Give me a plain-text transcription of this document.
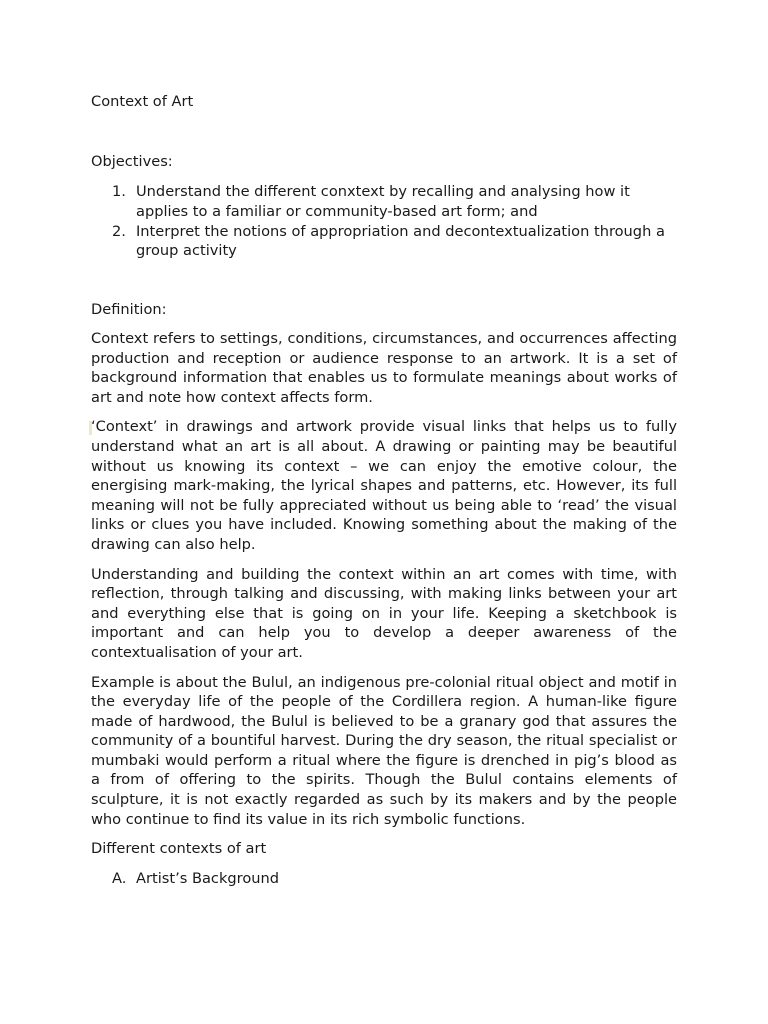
Context of Art
Objectives:
1. Understand the different conxtext by recalling and analysing how it applies to a familiar or community-based art form; and
2. Interpret the notions of appropriation and decontextualization through a group activity
Definition:

Context refers to settings, conditions, circumstances, and occurrences affecting production and reception or audience response to an artwork. It is a set of background information that enables us to formulate meanings about works of art and note how context affects form.

‘Context’ in drawings and artwork provide visual links that helps us to fully understand what an art is all about. A drawing or painting may be beautiful without us knowing its context – we can enjoy the emotive colour, the energising mark-making, the lyrical shapes and patterns, etc. However, its full meaning will not be fully appreciated without us being able to ‘read’ the visual links or clues you have included. Knowing something about the making of the drawing can also help.

Understanding and building the context within an art comes with time, with reflection, through talking and discussing, with making links between your art and everything else that is going on in your life. Keeping a sketchbook is important and can help you to develop a deeper awareness of the contextualisation of your art.

Example is about the Bulul, an indigenous pre-colonial ritual object and motif in the everyday life of the people of the Cordillera region. A human-like figure made of hardwood, the Bulul is believed to be a granary god that assures the community of a bountiful harvest. During the dry season, the ritual specialist or mumbaki would perform a ritual where the figure is drenched in pig’s blood as a from of offering to the spirits. Though the Bulul contains elements of sculpture, it is not exactly regarded as such by its makers and by the people who continue to find its value in its rich symbolic functions.

Different contexts of art
A. Artist’s Background
